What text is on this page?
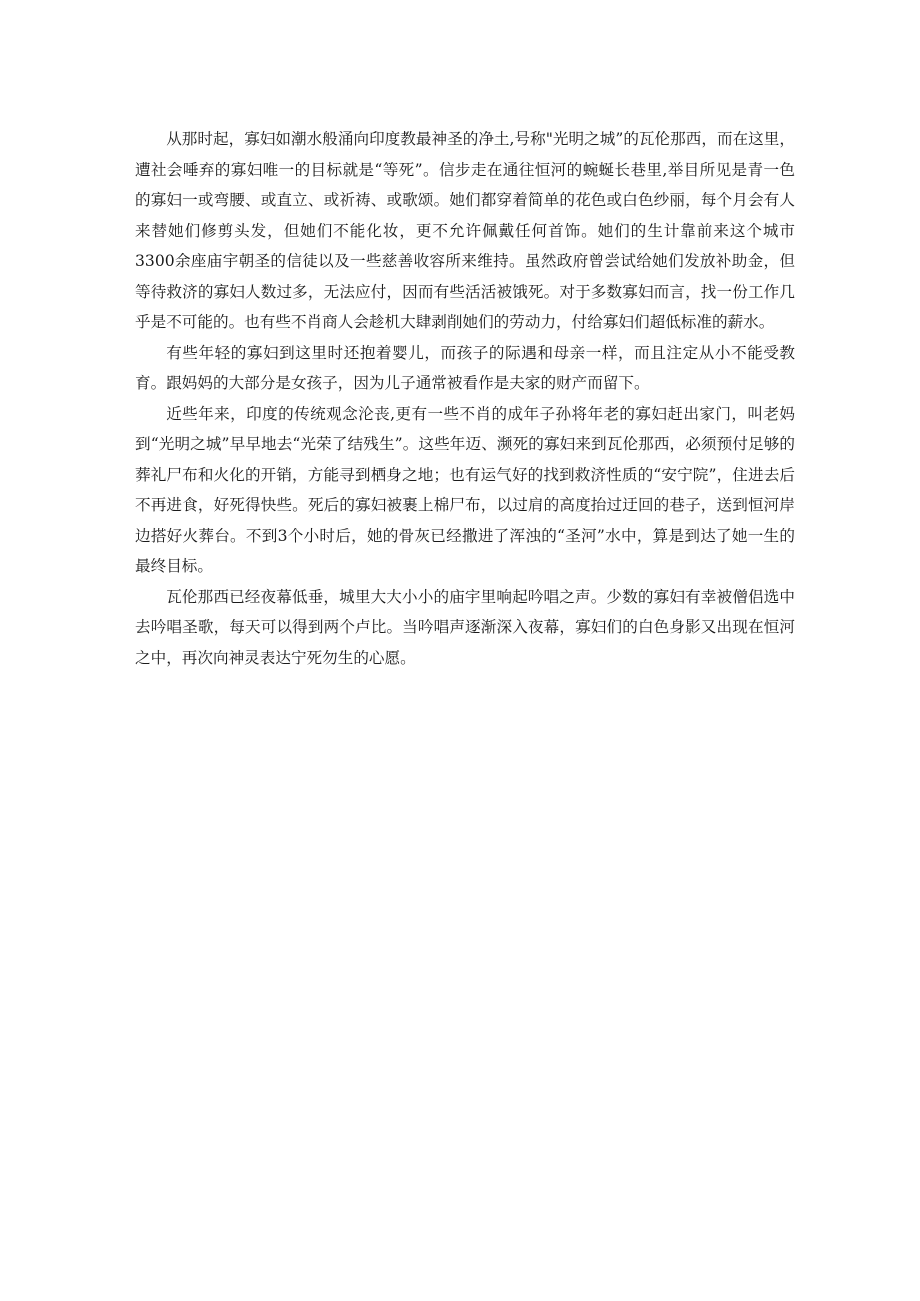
从那时起，寡妇如潮水般涌向印度教最神圣的净土,号称"光明之城”的瓦伦那西，而在这里，遭社会唾弃的寡妇唯一的目标就是“等死”。信步走在通往恒河的蜿蜒长巷里,举目所见是青一色的寡妇一或弯腰、或直立、或祈祷、或歌颂。她们都穿着简单的花色或白色纱丽，每个月会有人来替她们修剪头发，但她们不能化妆，更不允许佩戴任何首饰。她们的生计靠前来这个城市3300余座庙宇朝圣的信徒以及一些慈善收容所来维持。虽然政府曾尝试给她们发放补助金，但等待救济的寡妇人数过多，无法应付，因而有些活活被饿死。对于多数寡妇而言，找一份工作几乎是不可能的。也有些不肖商人会趁机大肆剥削她们的劳动力，付给寡妇们超低标准的薪水。

有些年轻的寡妇到这里时还抱着婴儿，而孩子的际遇和母亲一样，而且注定从小不能受教育。跟妈妈的大部分是女孩子，因为儿子通常被看作是夫家的财产而留下。

近些年来，印度的传统观念沦丧,更有一些不肖的成年子孙将年老的寡妇赶出家门，叫老妈到“光明之城”早早地去“光荣了结残生”。这些年迈、濒死的寡妇来到瓦伦那西，必须预付足够的葬礼尸布和火化的开销，方能寻到栖身之地；也有运气好的找到救济性质的“安宁院”，住进去后不再进食，好死得快些。死后的寡妇被裹上棉尸布，以过肩的高度抬过迂回的巷子，送到恒河岸边搭好火葬台。不到3个小时后，她的骨灰已经撒进了浑浊的“圣河”水中，算是到达了她一生的最终目标。

瓦伦那西已经夜幕低垂，城里大大小小的庙宇里响起吟唱之声。少数的寡妇有幸被僧侣选中去吟唱圣歌，每天可以得到两个卢比。当吟唱声逐渐深入夜幕，寡妇们的白色身影又出现在恒河之中，再次向神灵表达宁死勿生的心愿。
